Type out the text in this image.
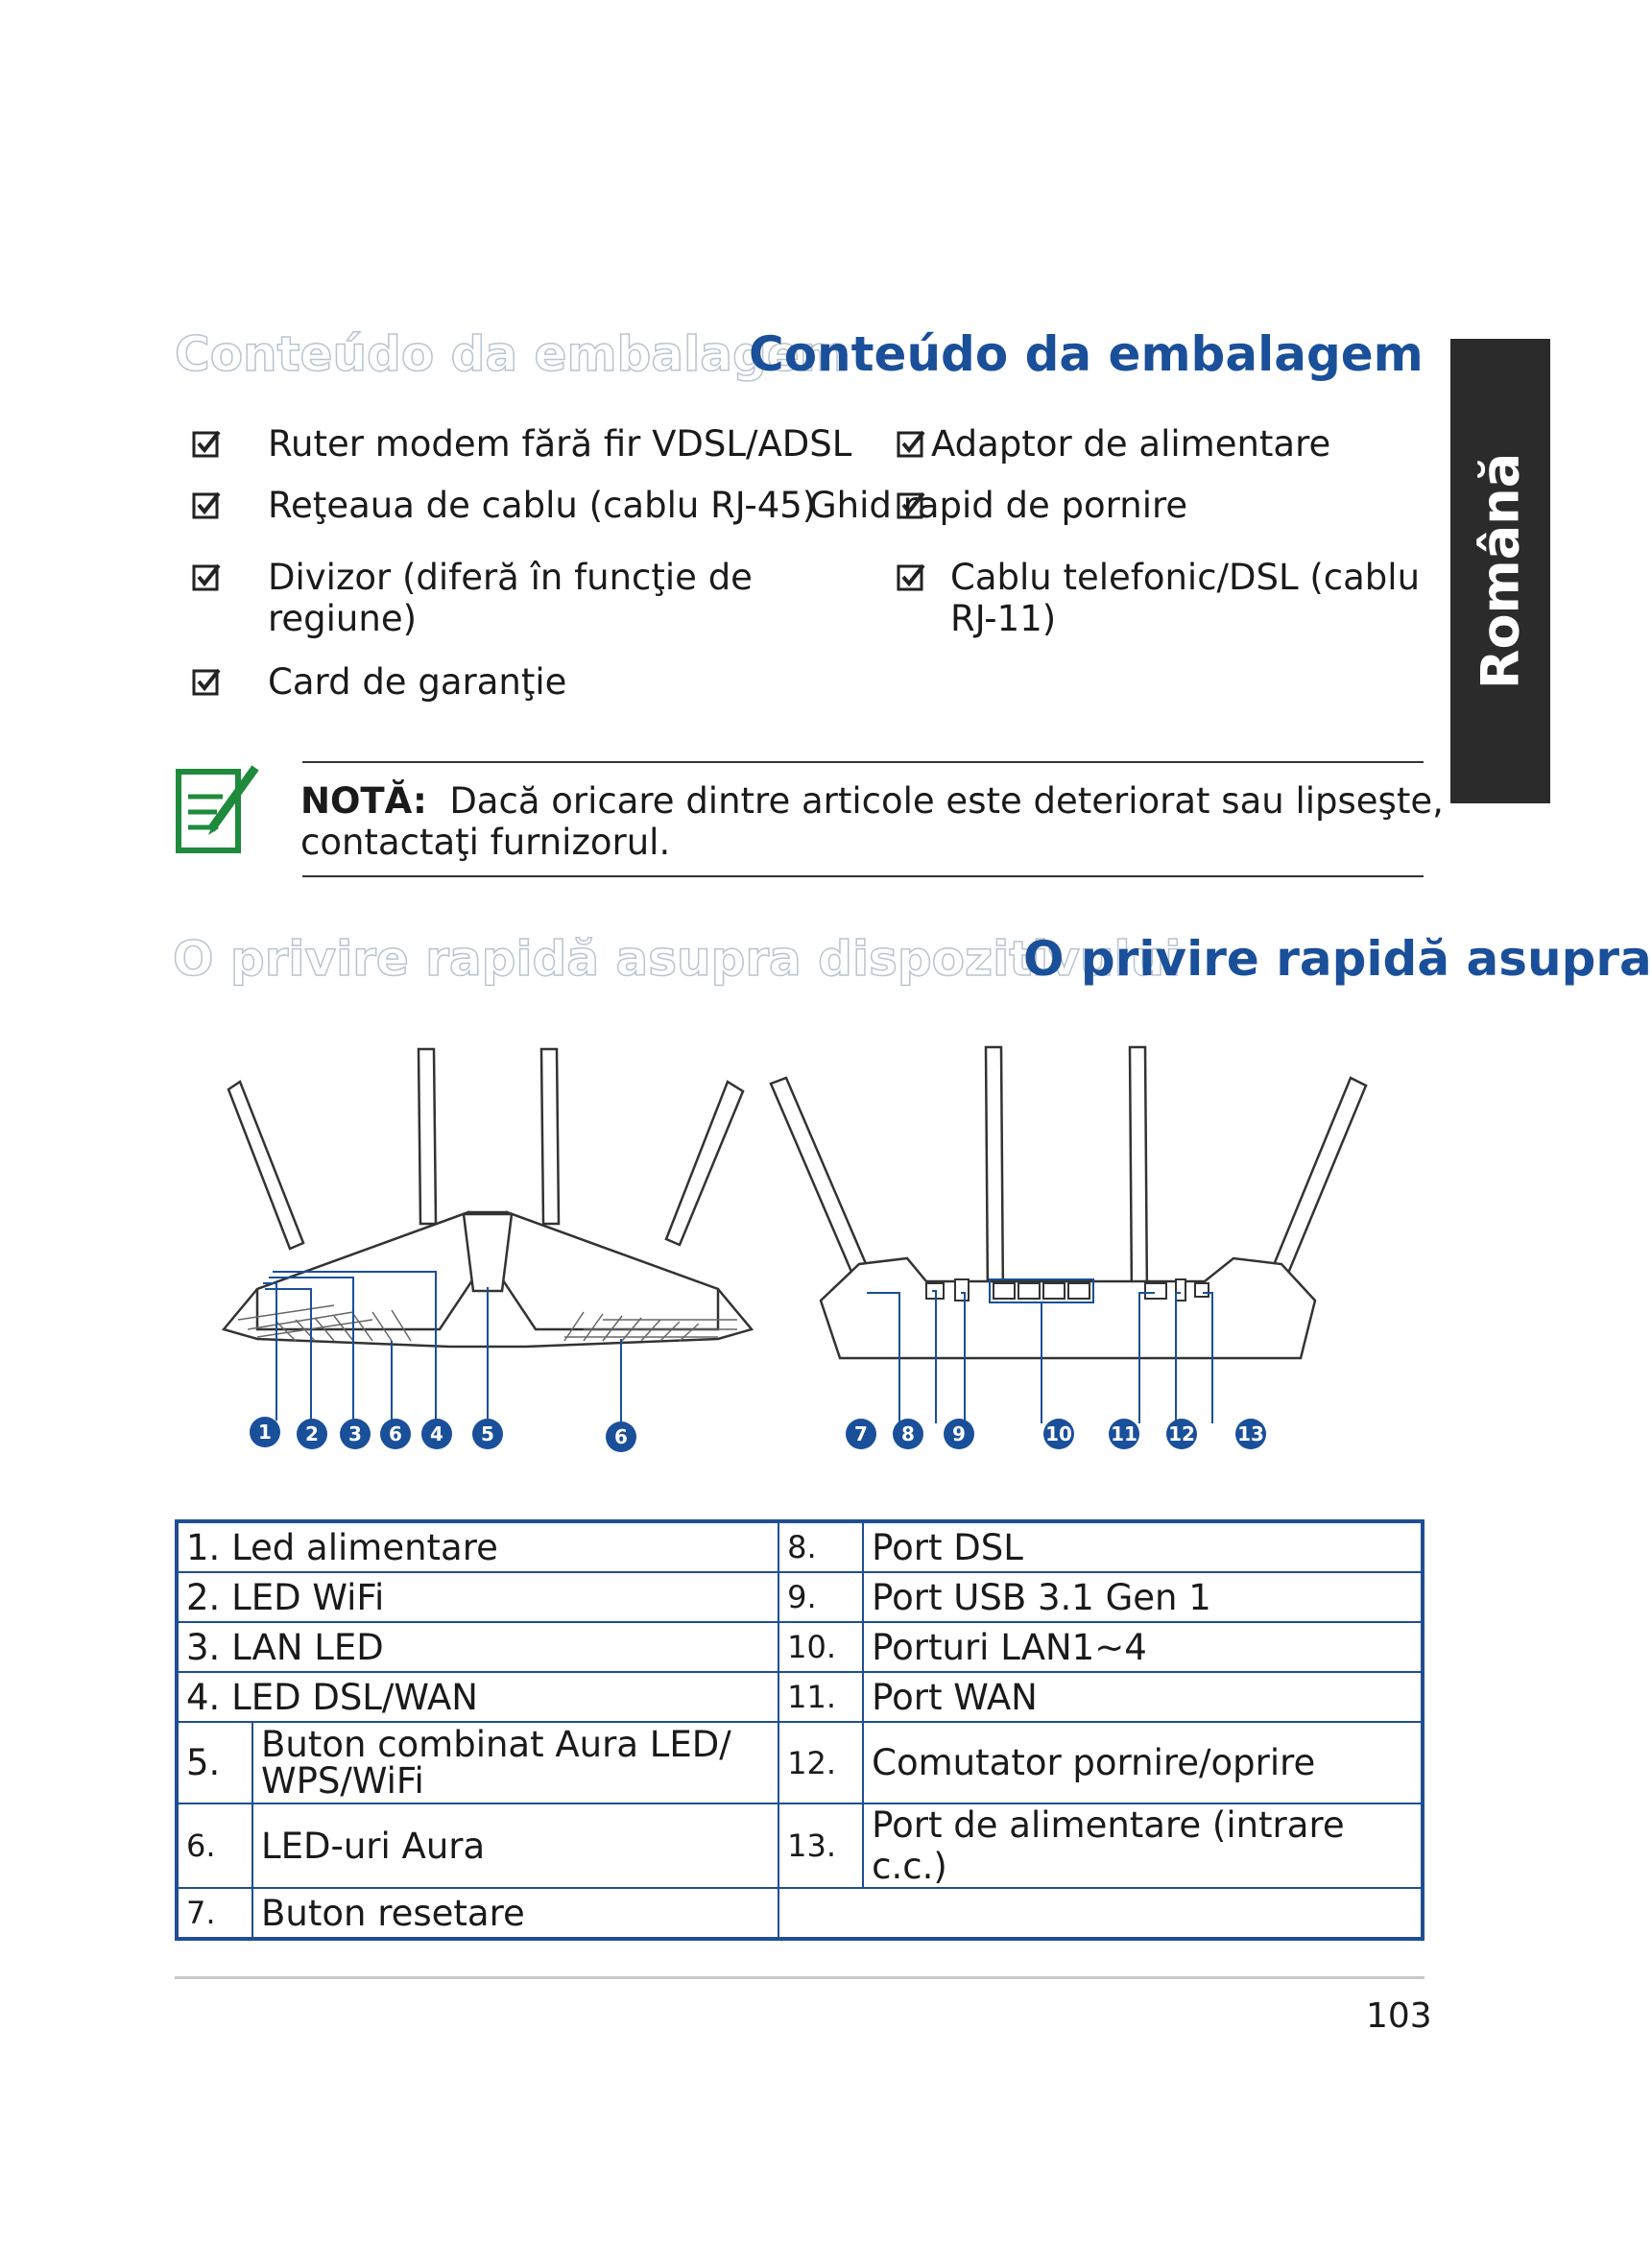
Conteúdo da embalagem
Conteúdo da embalagem
Română
Ruter modem fără fir VDSL/ADSL Adaptor de alimentare
Reţeaua de cablu (cablu RJ-45)
Ghid rapid de pornire
Divizor (diferă în funcţie de
regiune)
Cablu telefonic/DSL (cablu
RJ-11)
Card de garanţie
NOTĂ: Dacă oricare dintre articole este deteriorat sau lipseşte,
contactaţi furnizorul.
O privire rapidă asupra dispozitivului
O privire rapidă asupra
1	2	3	6	4	5	6	7	8	9	10 11 12 13
1. Led alimentare		8.	Port DSL
2. LED WiFi		9.	Port USB 3.1 Gen 1
3. LAN LED		10.	Porturi LAN1~4
4. LED DSL/WAN		11.	Port WAN
5.	Buton combinat Aura LED/
WPS/WiFi	12.	Comutator pornire/oprire
6.	LED-uri Aura	13.	Port de alimentare (intrare c.c.)
7.	Buton resetare		
103
